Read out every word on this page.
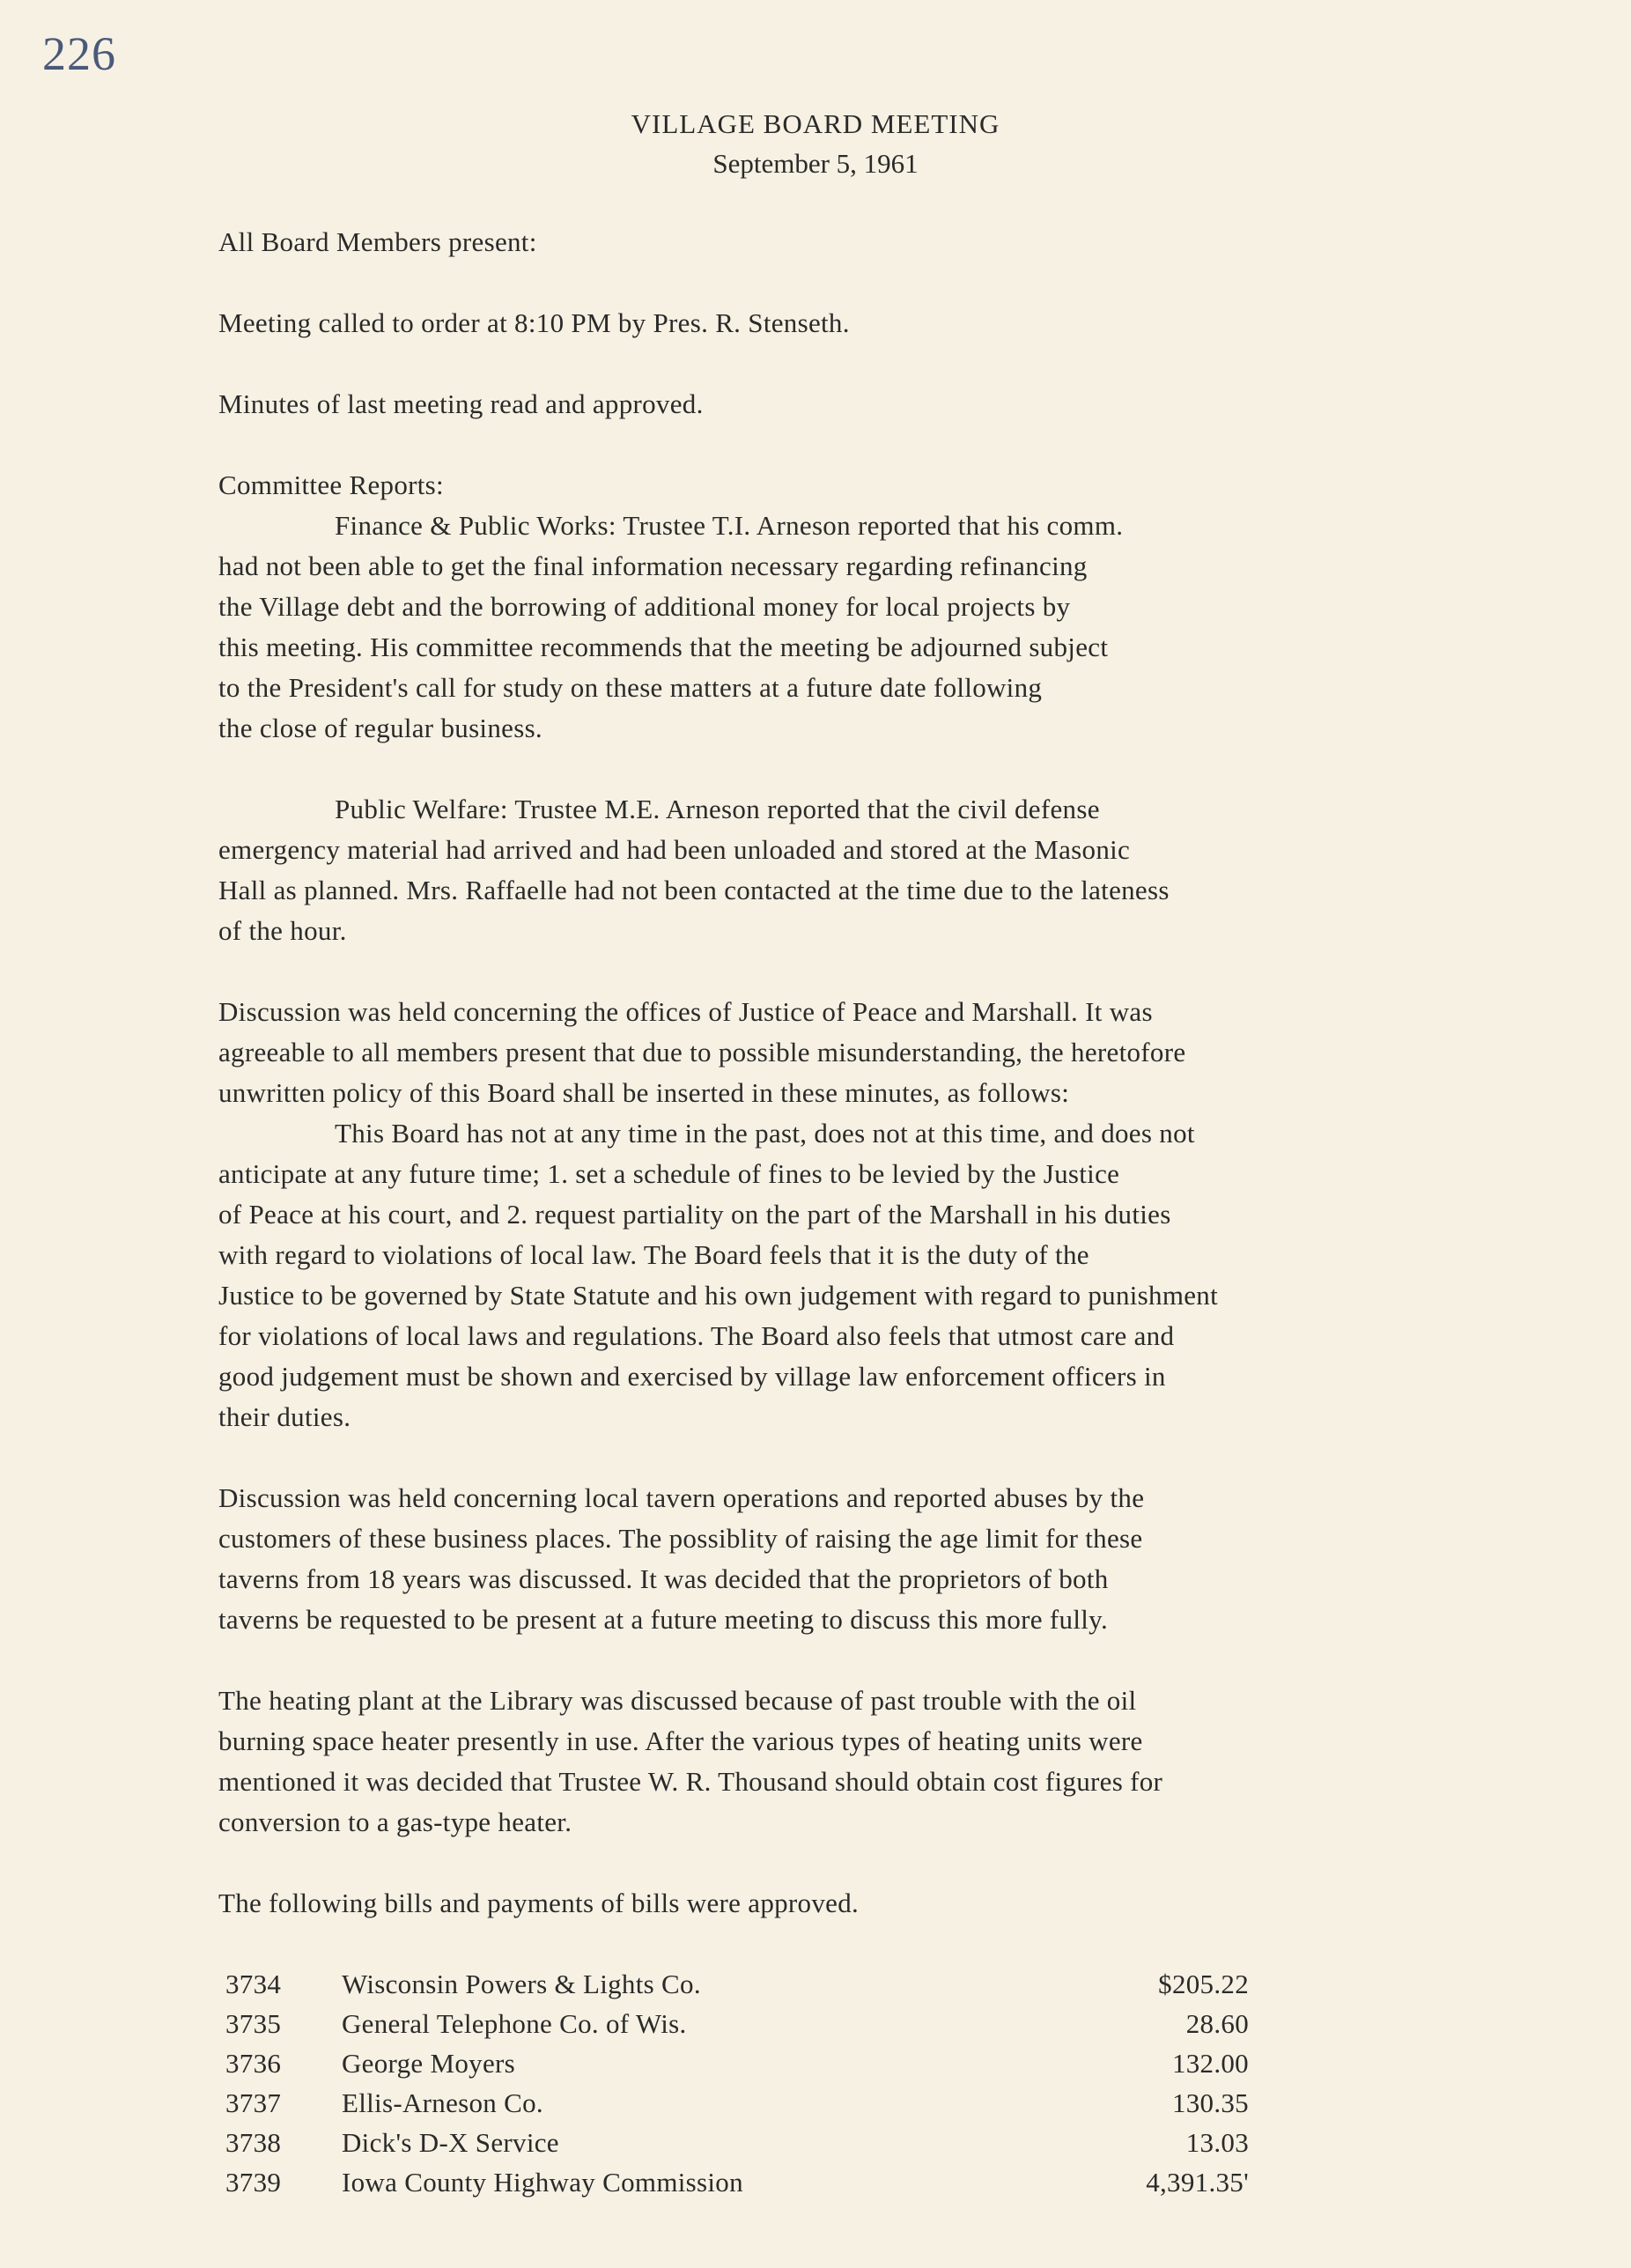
226
VILLAGE BOARD MEETING
September 5, 1961

All Board Members present:

Meeting called to order at 8:10 PM by Pres. R. Stenseth.

Minutes of last meeting read and approved.

Committee Reports:

Finance & Public Works: Trustee T.I. Arneson reported that his comm.
had not been able to get the final information necessary regarding refinancing
the Village debt and the borrowing of additional money for local projects by
this meeting. His committee recommends that the meeting be adjourned subject
to the President's call for study on these matters at a future date following
the close of regular business.
Public Welfare: Trustee M.E. Arneson reported that the civil defense
emergency material had arrived and had been unloaded and stored at the Masonic
Hall as planned. Mrs. Raffaelle had not been contacted at the time due to the lateness
of the hour.
Discussion was held concerning the offices of Justice of Peace and Marshall. It was
agreeable to all members present that due to possible misunderstanding, the heretofore
unwritten policy of this Board shall be inserted in these minutes, as follows:
This Board has not at any time in the past, does not at this time, and does not
anticipate at any future time; 1. set a schedule of fines to be levied by the Justice
of Peace at his court, and 2. request partiality on the part of the Marshall in his duties
with regard to violations of local law. The Board feels that it is the duty of the
Justice to be governed by State Statute and his own judgement with regard to punishment
for violations of local laws and regulations. The Board also feels that utmost care and
good judgement must be shown and exercised by village law enforcement officers in
their duties.
Discussion was held concerning local tavern operations and reported abuses by the
customers of these business places. The possiblity of raising the age limit for these
taverns from 18 years was discussed. It was decided that the proprietors of both
taverns be requested to be present at a future meeting to discuss this more fully.
The heating plant at the Library was discussed because of past trouble with the oil
burning space heater presently in use. After the various types of heating units were
mentioned it was decided that Trustee W. R. Thousand should obtain cost figures for
conversion to a gas-type heater.

The following bills and payments of bills were approved.

3734 Wisconsin Powers & Lights Co.	$205.22
3735 General Telephone Co. of Wis.	28.60
3736 George Moyers	132.00
3737 Ellis-Arneson Co.	130.35
3738 Dick's D-X Service	13.03
3739 Iowa County Highway Commission	4,391.35'
